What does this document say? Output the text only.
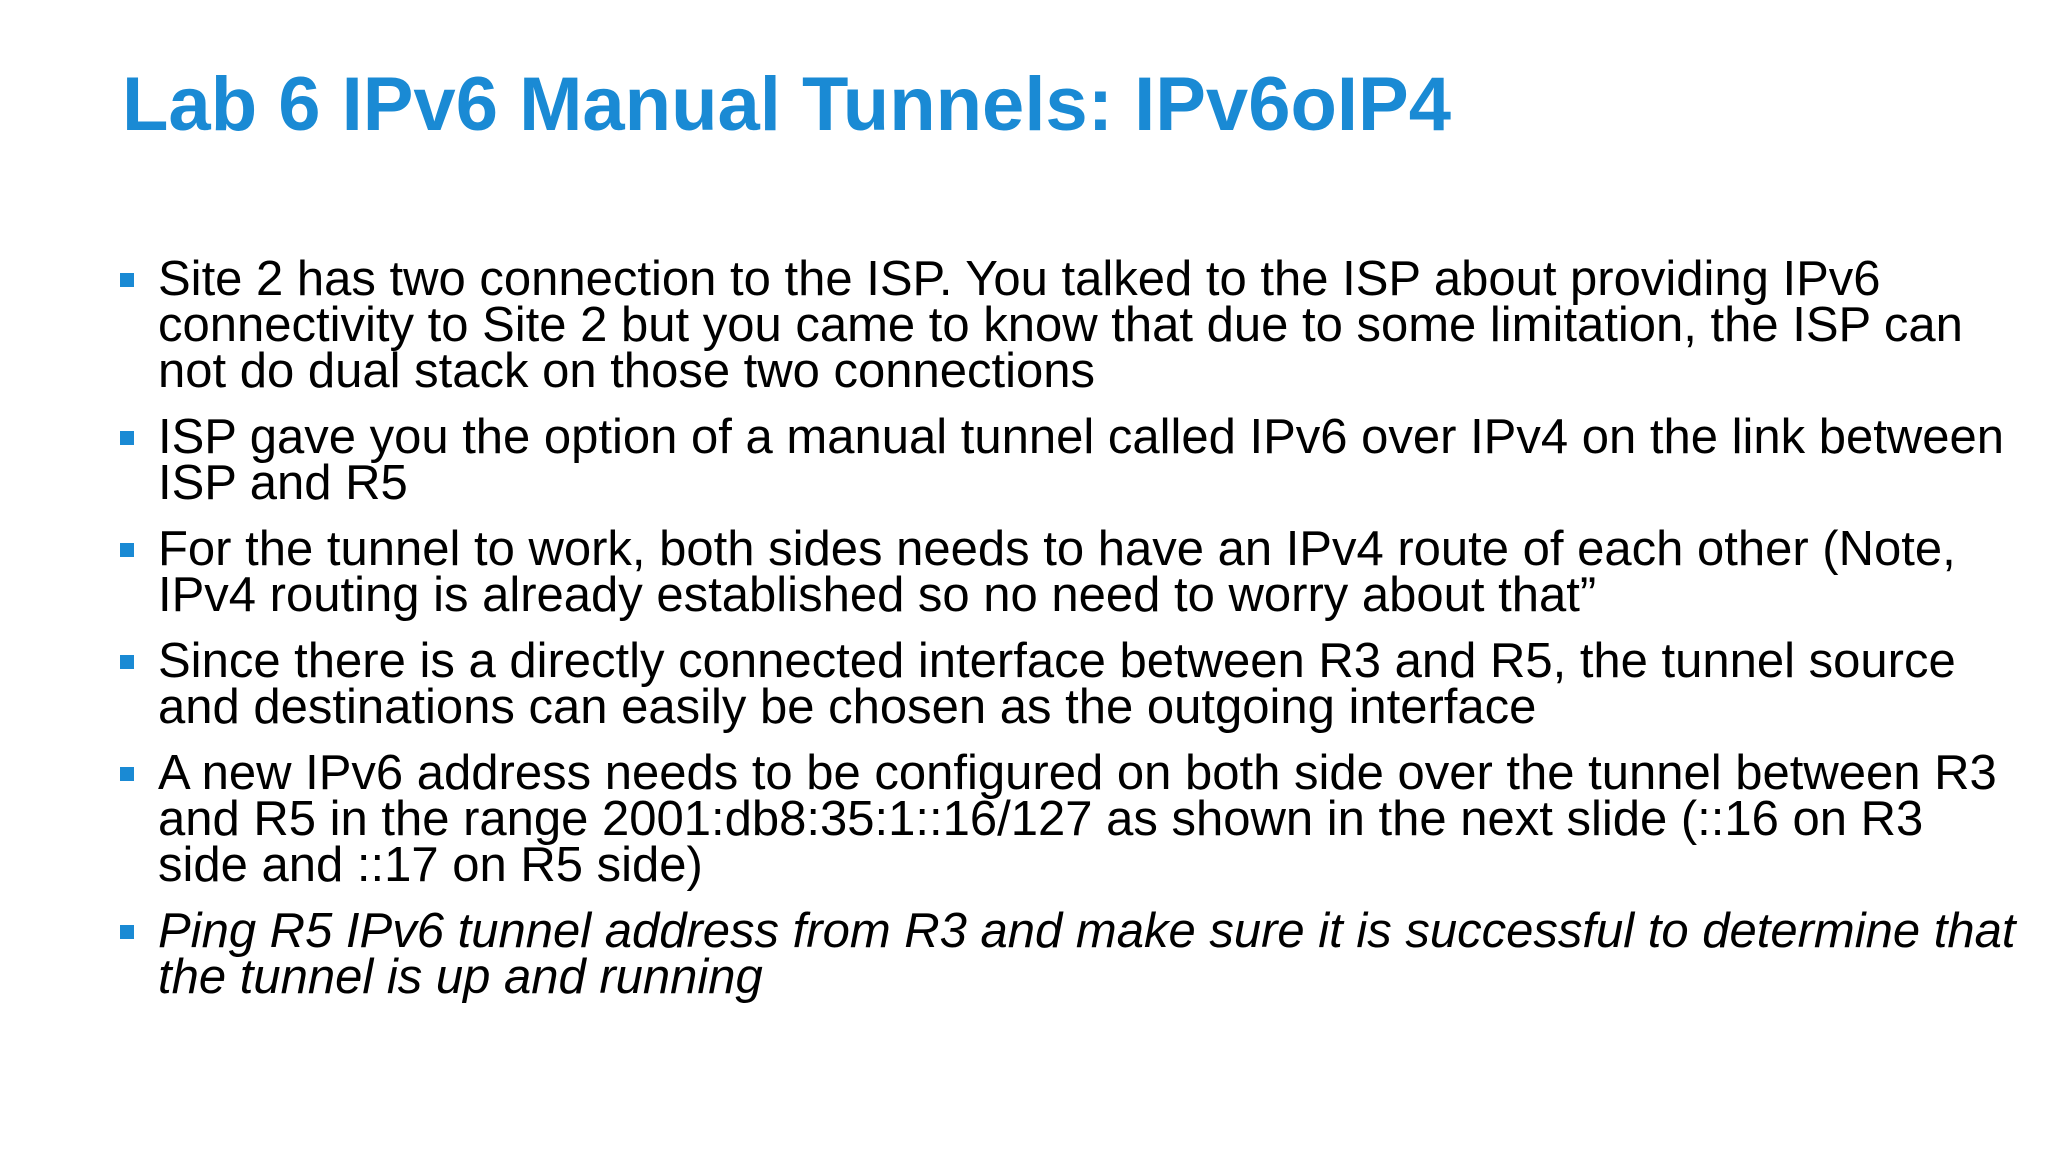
Lab 6 IPv6 Manual Tunnels: IPv6oIP4
Site 2 has two connection to the ISP. You talked to the ISP about providing IPv6 connectivity to Site 2 but you came to know that due to some limitation, the ISP can not do dual stack on those two connections
ISP gave you the option of a manual tunnel called IPv6 over IPv4 on the link between ISP and R5
For the tunnel to work, both sides needs to have an IPv4 route of each other (Note, IPv4 routing is already established so no need to worry about that”
Since there is a directly connected interface between R3 and R5, the tunnel source and destinations can easily be chosen as the outgoing interface
A new IPv6 address needs to be configured on both side over the tunnel between R3 and R5 in the range 2001:db8:35:1::16/127 as shown in the next slide (::16 on R3 side and ::17 on R5 side)
Ping R5 IPv6 tunnel address from R3 and make sure it is successful to determine that the tunnel is up and running
